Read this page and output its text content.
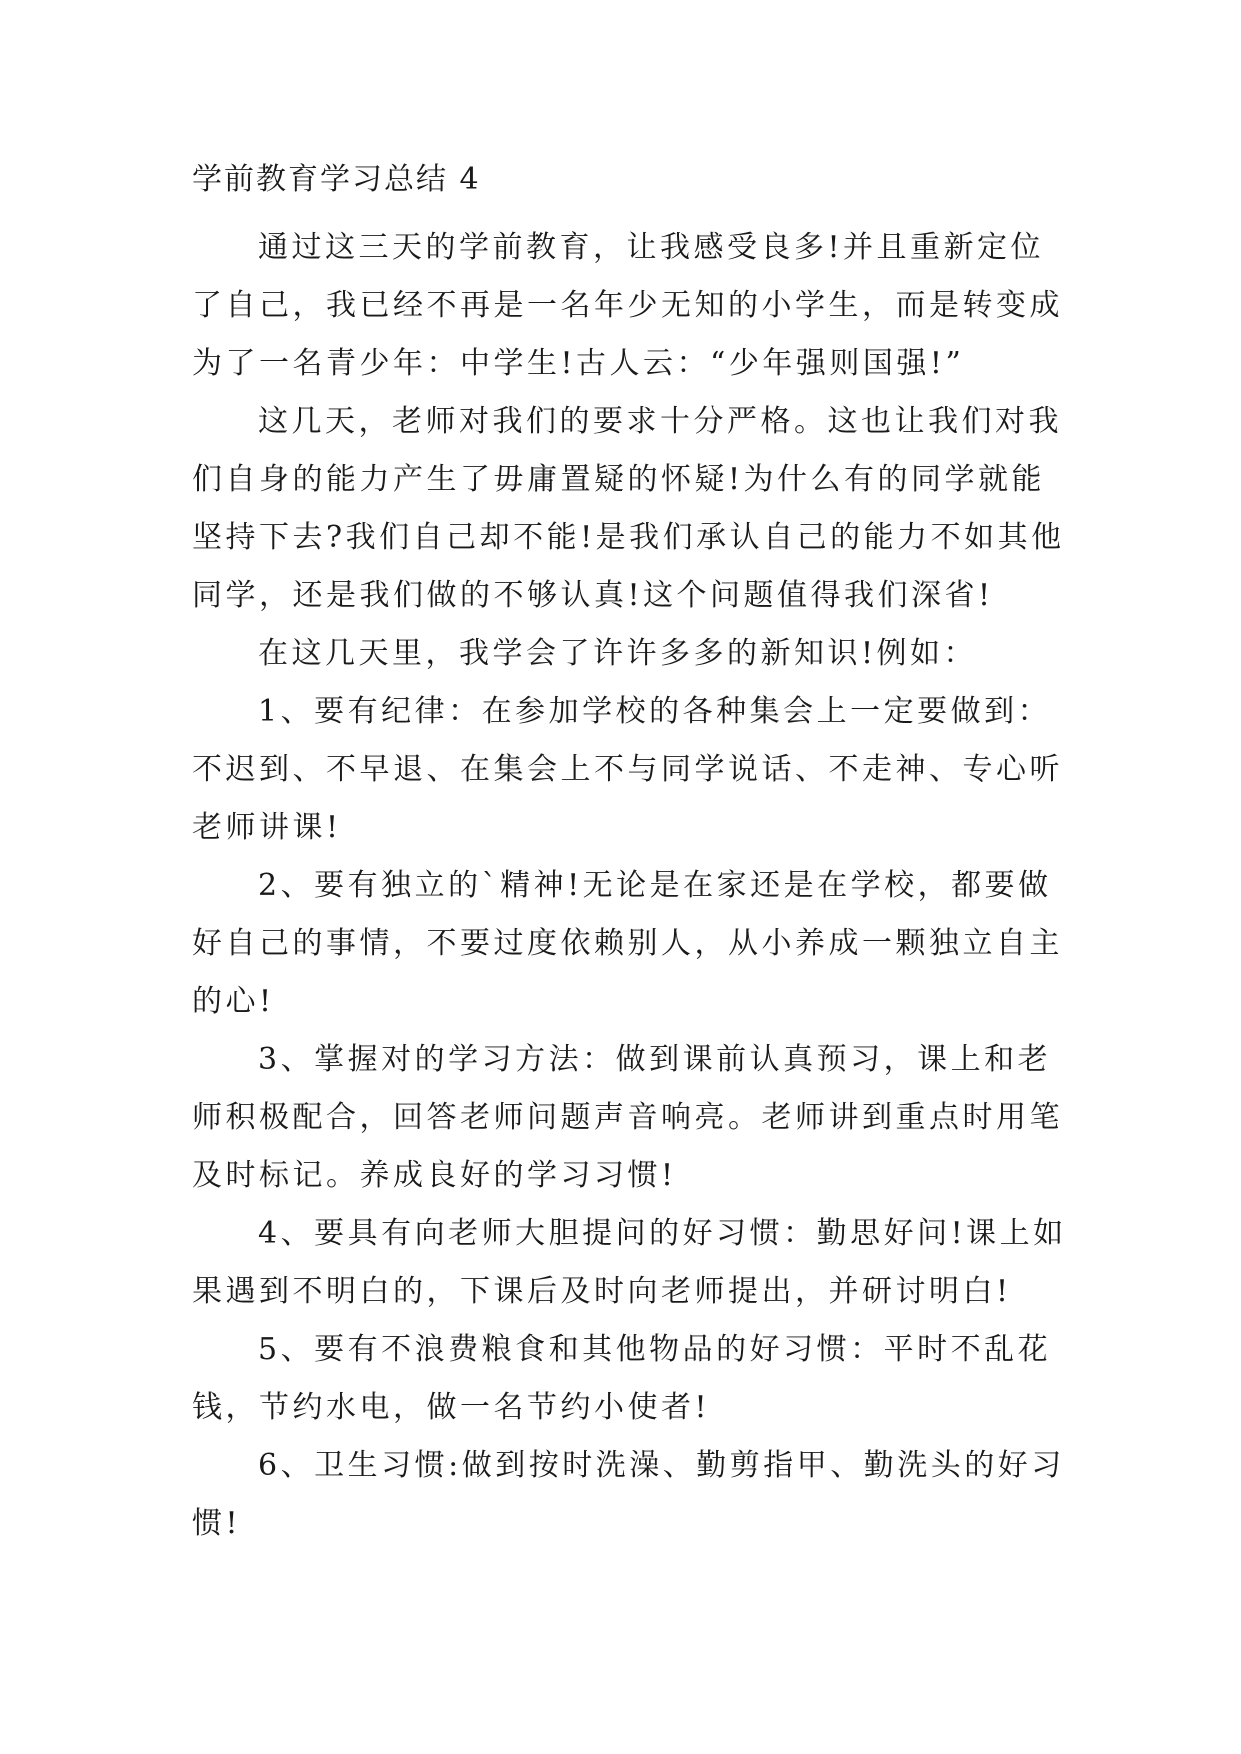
学前教育学习总结 4
通过这三天的学前教育，让我感受良多!并且重新定位
了自己，我已经不再是一名年少无知的小学生，而是转变成
为了一名青少年：中学生!古人云：“少年强则国强!”
这几天，老师对我们的要求十分严格。这也让我们对我
们自身的能力产生了毋庸置疑的怀疑!为什么有的同学就能
坚持下去?我们自己却不能!是我们承认自己的能力不如其他
同学，还是我们做的不够认真!这个问题值得我们深省!
在这几天里，我学会了许许多多的新知识!例如：
1、要有纪律：在参加学校的各种集会上一定要做到：
不迟到、不早退、在集会上不与同学说话、不走神、专心听
老师讲课!
2、要有独立的`精神!无论是在家还是在学校，都要做
好自己的事情，不要过度依赖别人，从小养成一颗独立自主
的心!
3、掌握对的学习方法：做到课前认真预习，课上和老
师积极配合，回答老师问题声音响亮。老师讲到重点时用笔
及时标记。养成良好的学习习惯!
4、要具有向老师大胆提问的好习惯：勤思好问!课上如
果遇到不明白的，下课后及时向老师提出，并研讨明白!
5、要有不浪费粮食和其他物品的好习惯：平时不乱花
钱，节约水电，做一名节约小使者!
6、卫生习惯:做到按时洗澡、勤剪指甲、勤洗头的好习
惯!
